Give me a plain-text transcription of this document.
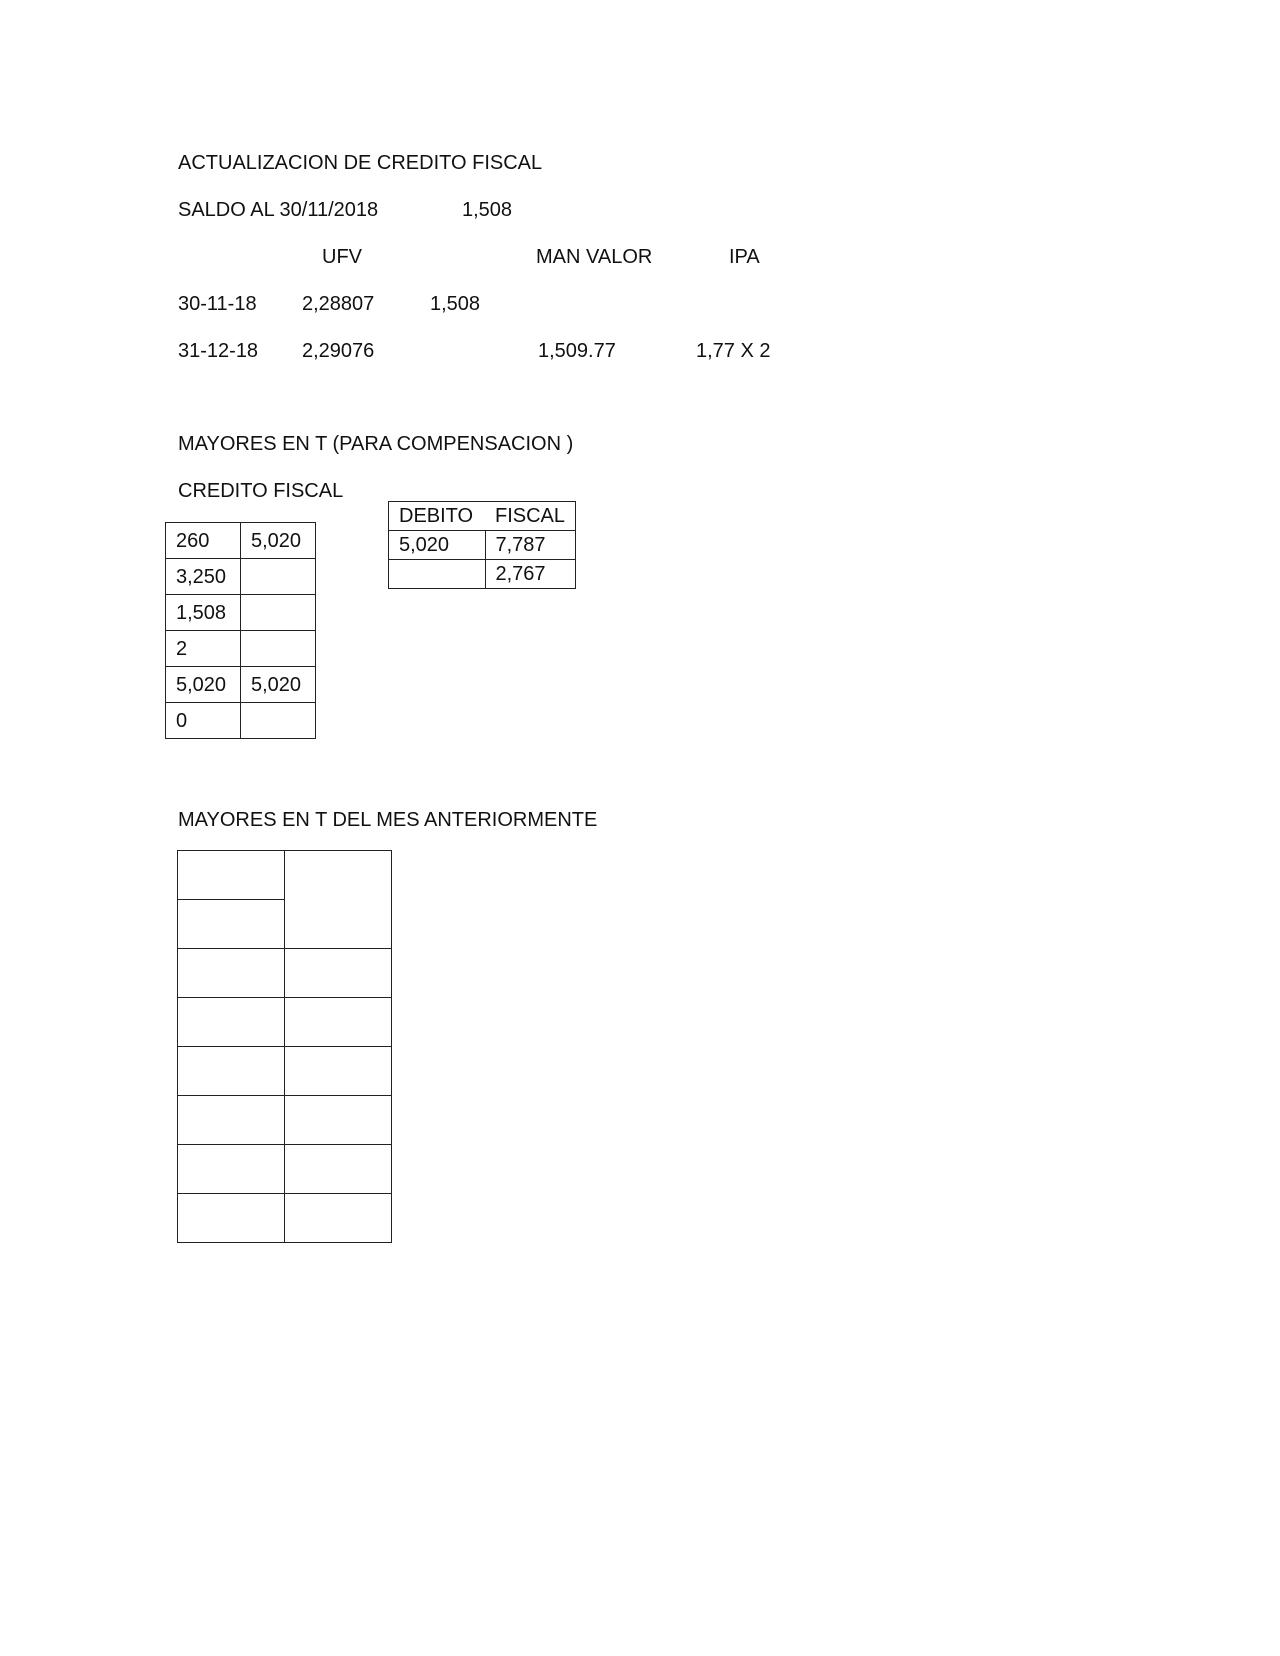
ACTUALIZACION DE CREDITO FISCAL
SALDO AL 30/11/2018	1,508
UFV	MAN VALOR	IPA
30-11-18 2,28807	1,508
31-12-18 2,29076	1,509.77	1,77 X 2
MAYORES EN T (PARA COMPENSACION )
CREDITO FISCAL
260	5,020
3,250	
1,508	
2	
5,020	5,020
0	
DEBITO	FISCAL
5,020	7,787
	2,767
MAYORES EN T DEL MES ANTERIORMENTE
